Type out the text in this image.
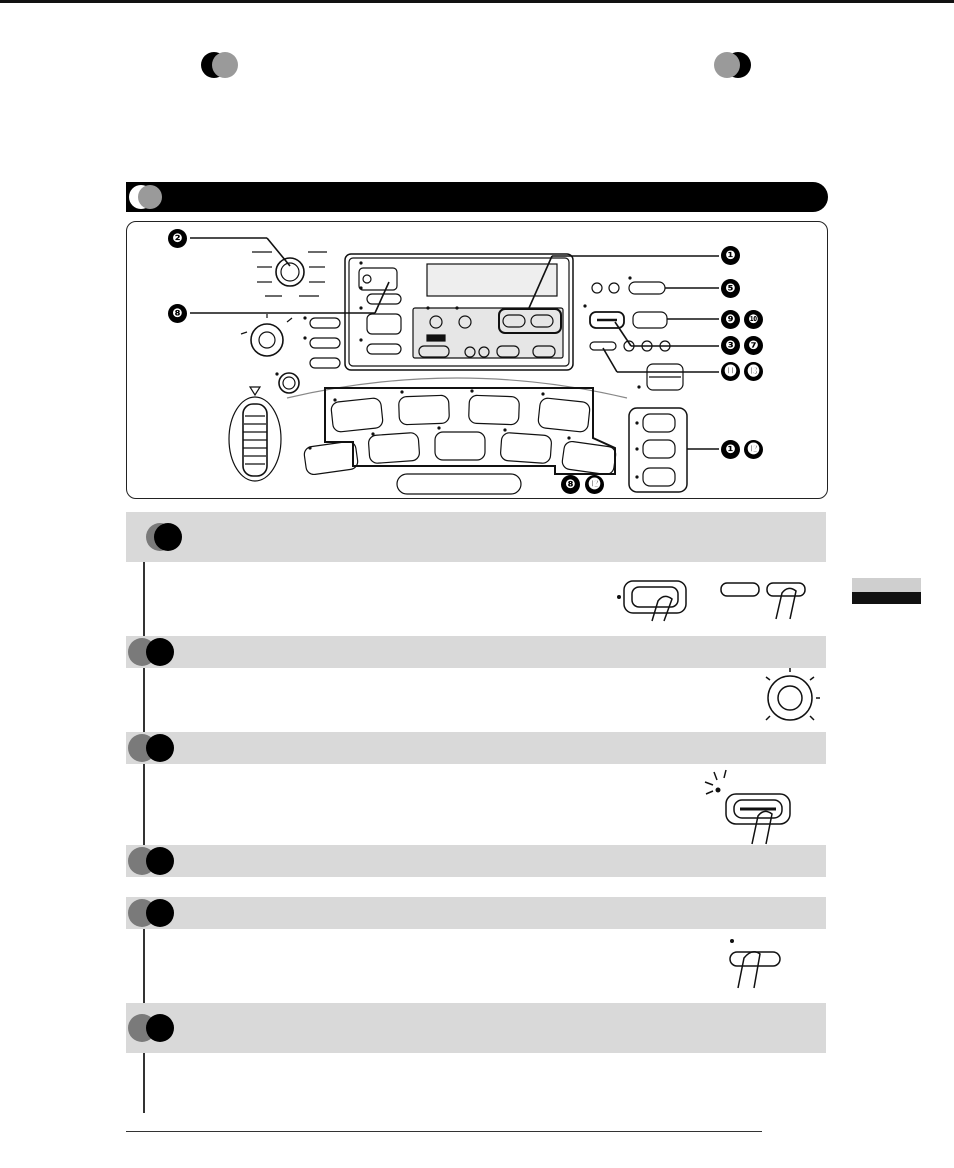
❷
❽
❶
❺
❾	❿
❸	❼
⓫ ⓭
❶ ⓬
❽	⓬
